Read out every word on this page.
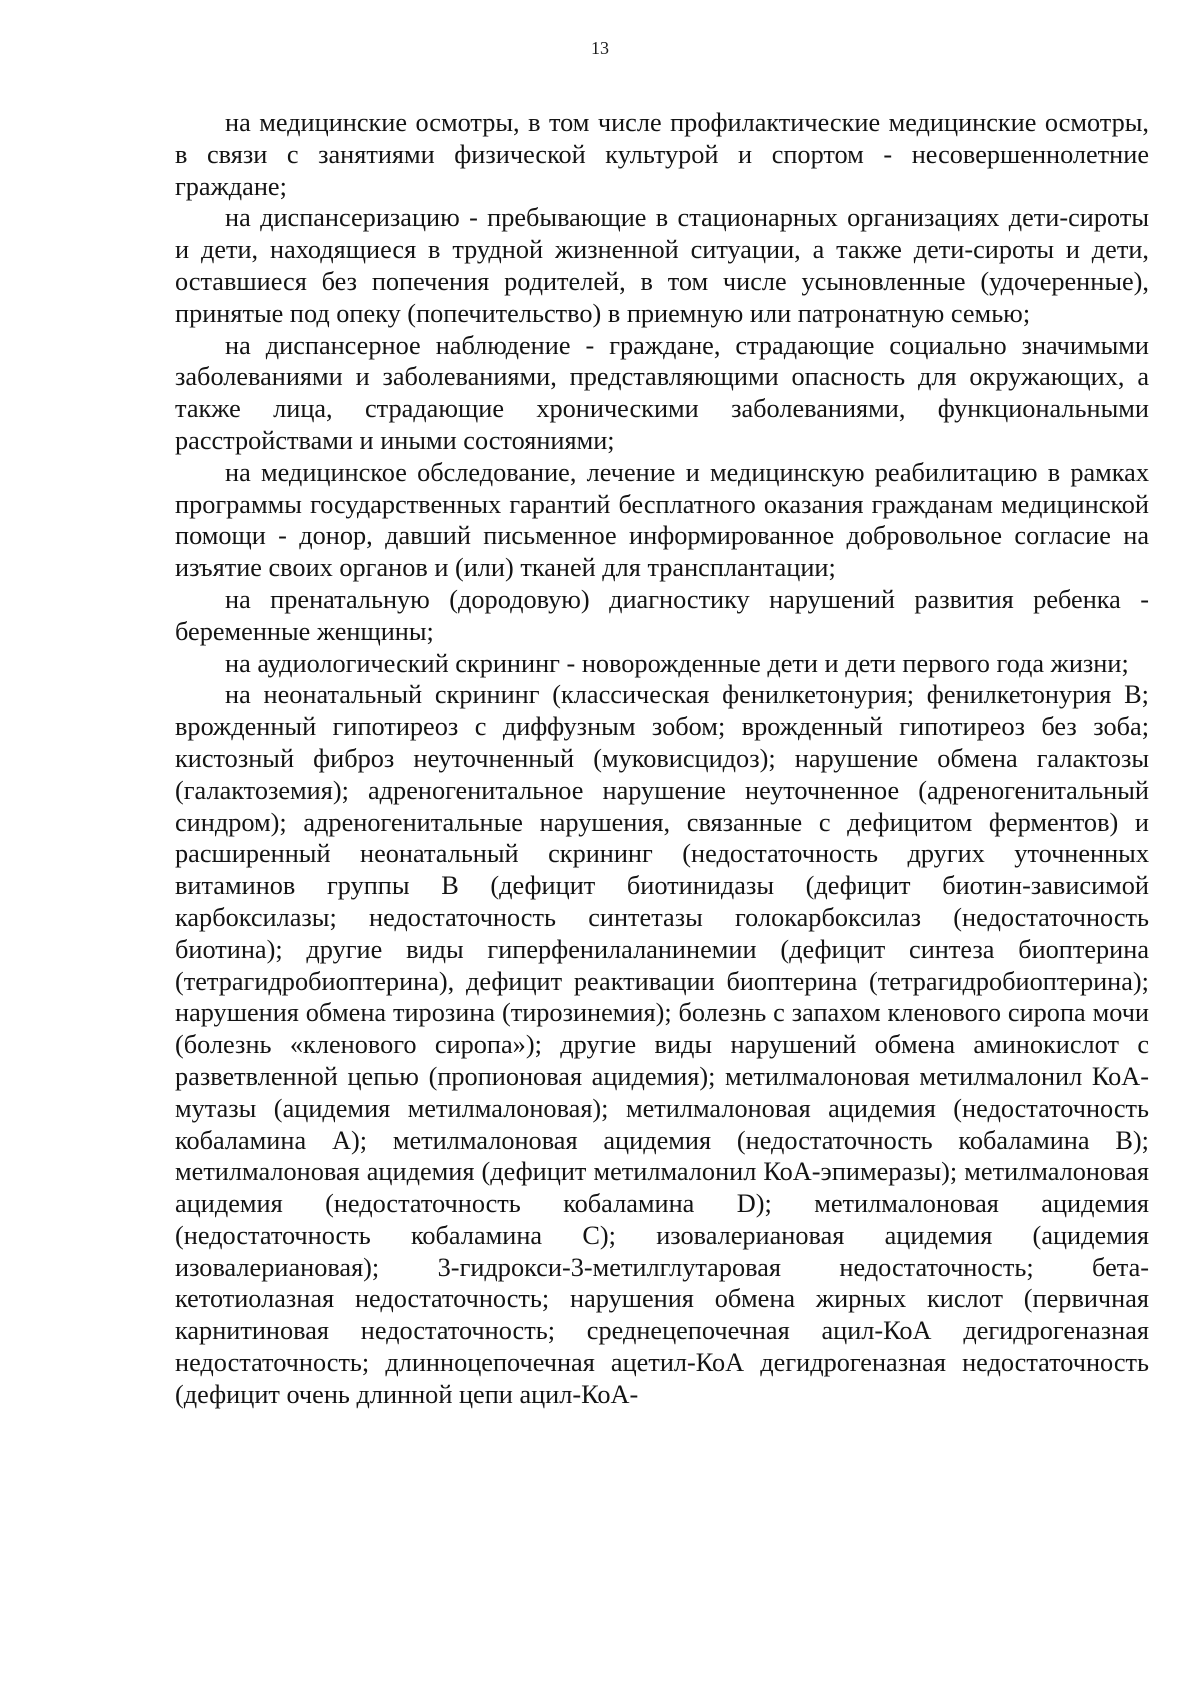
13

на медицинские осмотры, в том числе профилактические медицинские осмотры, в связи с занятиями физической культурой и спортом - несовершеннолетние граждане;

на диспансеризацию - пребывающие в стационарных организациях дети-сироты и дети, находящиеся в трудной жизненной ситуации, а также дети-сироты и дети, оставшиеся без попечения родителей, в том числе усыновленные (удочеренные), принятые под опеку (попечительство) в приемную или патронатную семью;

на диспансерное наблюдение - граждане, страдающие социально значимыми заболеваниями и заболеваниями, представляющими опасность для окружающих, а также лица, страдающие хроническими заболеваниями, функциональными расстройствами и иными состояниями;

на медицинское обследование, лечение и медицинскую реабилитацию в рамках программы государственных гарантий бесплатного оказания гражданам медицинской помощи - донор, давший письменное информированное добровольное согласие на изъятие своих органов и (или) тканей для трансплантации;

на пренатальную (дородовую) диагностику нарушений развития ребенка - беременные женщины;

на аудиологический скрининг - новорожденные дети и дети первого года жизни;

на неонатальный скрининг (классическая фенилкетонурия; фенилкетонурия В; врожденный гипотиреоз с диффузным зобом; врожденный гипотиреоз без зоба; кистозный фиброз неуточненный (муковисцидоз); нарушение обмена галактозы (галактоземия); адреногенитальное нарушение неуточненное (адреногенитальный синдром); адреногенитальные нарушения, связанные с дефицитом ферментов) и расширенный неонатальный скрининг (недостаточность других уточненных витаминов группы В (дефицит биотинидазы (дефицит биотин-зависимой карбоксилазы; недостаточность синтетазы голокарбоксилаз (недостаточность биотина); другие виды гиперфенилаланинемии (дефицит синтеза биоптерина (тетрагидробиоптерина), дефицит реактивации биоптерина (тетрагидробиоптерина); нарушения обмена тирозина (тирозинемия); болезнь с запахом кленового сиропа мочи (болезнь «кленового сиропа»); другие виды нарушений обмена аминокислот с разветвленной цепью (пропионовая ацидемия); метилмалоновая метилмалонил КоА-мутазы (ацидемия метилмалоновая); метилмалоновая ацидемия (недостаточность кобаламина А); метилмалоновая ацидемия (недостаточность кобаламина В); метилмалоновая ацидемия (дефицит метилмалонил КоА-эпимеразы); метилмалоновая ацидемия (недостаточность кобаламина D); метилмалоновая ацидемия (недостаточность кобаламина С); изовалериановая ацидемия (ацидемия изовалериановая); 3-гидрокси-3-метилглутаровая недостаточность; бета-кетотиолазная недостаточность; нарушения обмена жирных кислот (первичная карнитиновая недостаточность; среднецепочечная ацил-КоА дегидрогеназная недостаточность; длинноцепочечная ацетил-КоА дегидрогеназная недостаточность (дефицит очень длинной цепи ацил-КоА-
